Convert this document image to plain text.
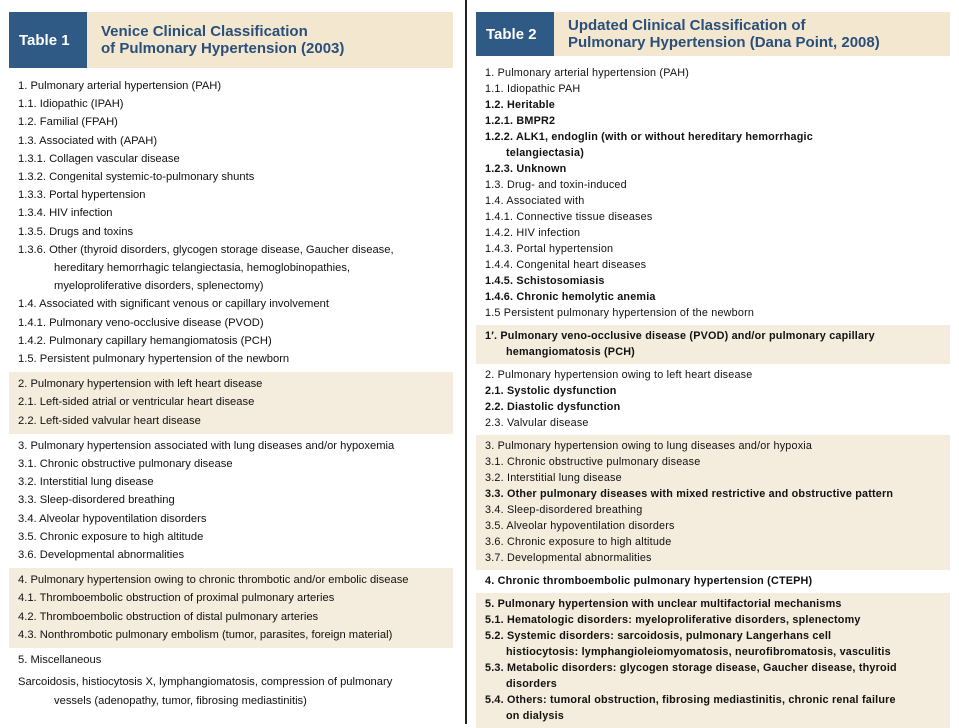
Table 1	Venice Clinical Classification
of Pulmonary Hypertension (2003)
1. Pulmonary arterial hypertension (PAH)
1.1. Idiopathic (IPAH)
1.2. Familial (FPAH)
1.3. Associated with (APAH)
1.3.1. Collagen vascular disease
1.3.2. Congenital systemic-to-pulmonary shunts
1.3.3. Portal hypertension
1.3.4. HIV infection
1.3.5. Drugs and toxins
1.3.6. Other (thyroid disorders, glycogen storage disease, Gaucher disease,
hereditary hemorrhagic telangiectasia, hemoglobinopathies,
myeloproliferative disorders, splenectomy)
1.4. Associated with significant venous or capillary involvement
1.4.1. Pulmonary veno-occlusive disease (PVOD)
1.4.2. Pulmonary capillary hemangiomatosis (PCH)
1.5. Persistent pulmonary hypertension of the newborn
2. Pulmonary hypertension with left heart disease
2.1. Left-sided atrial or ventricular heart disease
2.2. Left-sided valvular heart disease
3. Pulmonary hypertension associated with lung diseases and/or hypoxemia
3.1. Chronic obstructive pulmonary disease
3.2. Interstitial lung disease
3.3. Sleep-disordered breathing
3.4. Alveolar hypoventilation disorders
3.5. Chronic exposure to high altitude
3.6. Developmental abnormalities
4. Pulmonary hypertension owing to chronic thrombotic and/or embolic disease
4.1. Thromboembolic obstruction of proximal pulmonary arteries
4.2. Thromboembolic obstruction of distal pulmonary arteries
4.3. Nonthrombotic pulmonary embolism (tumor, parasites, foreign material)
5. Miscellaneous
Sarcoidosis, histiocytosis X, lymphangiomatosis, compression of pulmonary
vessels (adenopathy, tumor, fibrosing mediastinitis)
Table 2	Updated Clinical Classification of
Pulmonary Hypertension (Dana Point, 2008)
1. Pulmonary arterial hypertension (PAH)
1.1. Idiopathic PAH
1.2. Heritable
1.2.1. BMPR2
1.2.2. ALK1, endoglin (with or without hereditary hemorrhagic
telangiectasia)
1.2.3. Unknown
1.3. Drug- and toxin-induced
1.4. Associated with
1.4.1. Connective tissue diseases
1.4.2. HIV infection
1.4.3. Portal hypertension
1.4.4. Congenital heart diseases
1.4.5. Schistosomiasis
1.4.6. Chronic hemolytic anemia
1.5 Persistent pulmonary hypertension of the newborn
1′. Pulmonary veno-occlusive disease (PVOD) and/or pulmonary capillary
hemangiomatosis (PCH)
2. Pulmonary hypertension owing to left heart disease
2.1. Systolic dysfunction
2.2. Diastolic dysfunction
2.3. Valvular disease
3. Pulmonary hypertension owing to lung diseases and/or hypoxia
3.1. Chronic obstructive pulmonary disease
3.2. Interstitial lung disease
3.3. Other pulmonary diseases with mixed restrictive and obstructive pattern
3.4. Sleep-disordered breathing
3.5. Alveolar hypoventilation disorders
3.6. Chronic exposure to high altitude
3.7. Developmental abnormalities
4. Chronic thromboembolic pulmonary hypertension (CTEPH)
5. Pulmonary hypertension with unclear multifactorial mechanisms
5.1. Hematologic disorders: myeloproliferative disorders, splenectomy
5.2. Systemic disorders: sarcoidosis, pulmonary Langerhans cell
histiocytosis: lymphangioleiomyomatosis, neurofibromatosis, vasculitis
5.3. Metabolic disorders: glycogen storage disease, Gaucher disease, thyroid
disorders
5.4. Others: tumoral obstruction, fibrosing mediastinitis, chronic renal failure
on dialysis
